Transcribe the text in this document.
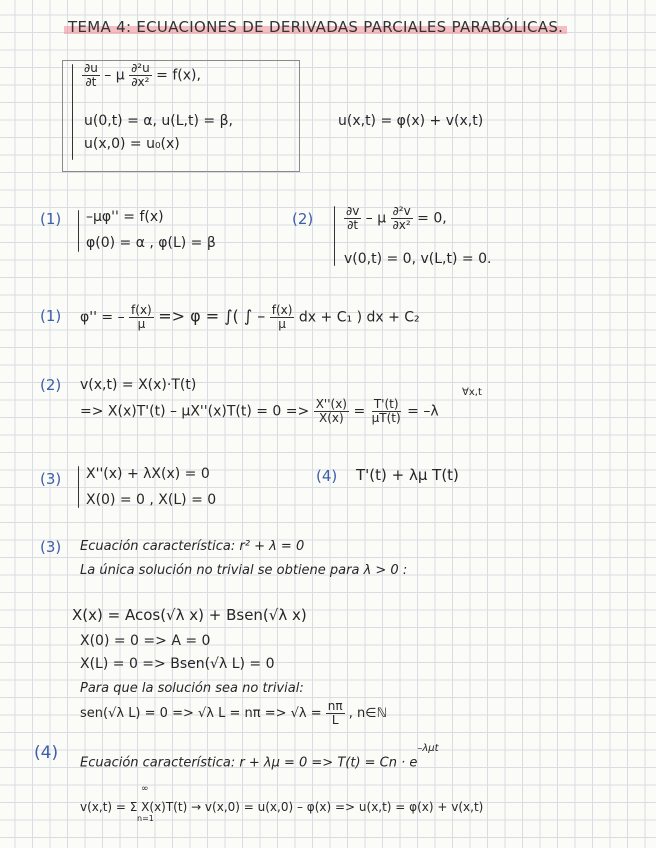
TEMA 4: ECUACIONES DE DERIVADAS PARCIALES PARABÓLICAS.
$\frac{\partial u}{\partial t} - \mu \frac{\text{∂²u}}{\text{∂x²}} = f(x)$,
u(0,t) = α, u(L,t) = β,
u(x,0) = u₀(x)
u(x,t) = φ(x) + v(x,t)
(1) –μφ'' = f(x)
φ(0) = α , φ(L) = β
(2)	$\frac{\partial v}{\partial t} - \mu \frac{\text{∂²v}}{\text{∂x²}} = 0$,
v(0,t) = 0, v(L,t) = 0.
(1) φ'' = – $\frac{f(x)}{\mu} => \varphi$ = ∫( ∫ – $\frac{f(x)}{\mu}$ dx + C₁ ) dx + C₂
(2) v(x,t) = X(x)·T(t)
=> $X(x)T'(t) - \mu X''(x)T(t) = 0 => \frac{X''(x)}{X(x)} = \frac{T'(t)}{\mu T(t)} = -\lambda$
∀x,t
(3) X''(x) + λX(x) = 0
X(0) = 0 , X(L) = 0
(4) T'(t) + λμ T(t)
(3) Ecuación característica: r² + λ = 0
La única solución no trivial se obtiene para λ > 0 :
X(x) = Acos(√λ x) + Bsen(√λ x)
X(0) = 0 => A = 0
X(L) = 0 => Bsen(√λ L) = 0
Para que la solución sea no trivial:
sen(√λ L) = 0 => √λ $L = n\pi => √\lambda = \frac{n\pi}{L}$ , n∈ℕ
(4) Ecuación característica: $r + \lambda\mu = 0 => T(t) = Cn \cdot e^{-\lambda\mu t}$
v(x,t) = Σ X(x)T(t) → v(x,0) = u(x,0) – φ(x) => u(x,t) = φ(x) + v(x,t)
∞
n=1
